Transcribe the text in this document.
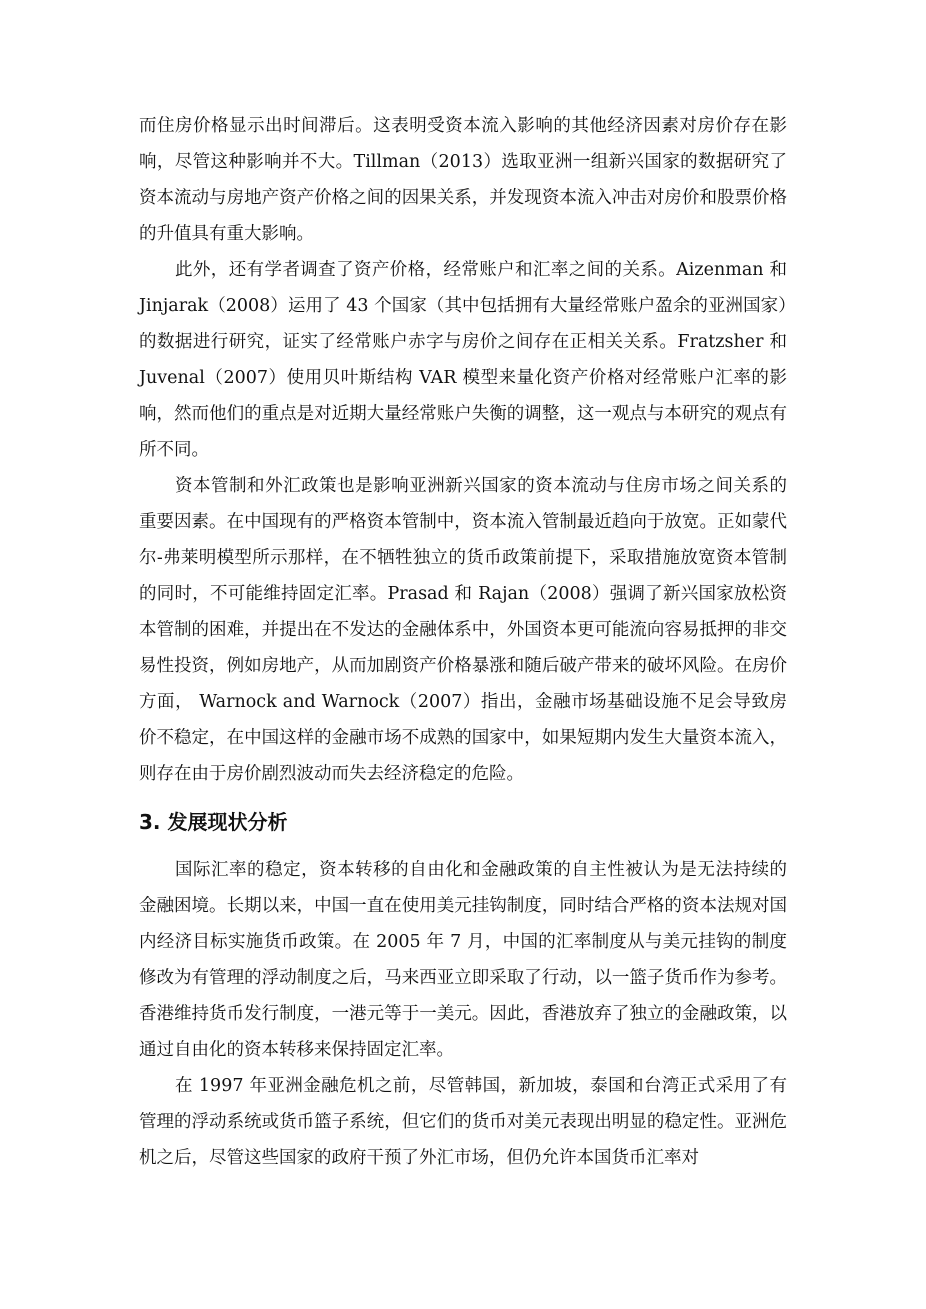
而住房价格显示出时间滞后。这表明受资本流入影响的其他经济因素对房价存在影响，尽管这种影响并不大。Tillman（2013）选取亚洲一组新兴国家的数据研究了资本流动与房地产资产价格之间的因果关系，并发现资本流入冲击对房价和股票价格的升值具有重大影响。

此外，还有学者调查了资产价格，经常账户和汇率之间的关系。Aizenman 和 Jinjarak（2008）运用了 43 个国家（其中包括拥有大量经常账户盈余的亚洲国家）的数据进行研究，证实了经常账户赤字与房价之间存在正相关关系。Fratzsher 和 Juvenal（2007）使用贝叶斯结构 VAR 模型来量化资产价格对经常账户汇率的影响，然而他们的重点是对近期大量经常账户失衡的调整，这一观点与本研究的观点有所不同。

资本管制和外汇政策也是影响亚洲新兴国家的资本流动与住房市场之间关系的重要因素。在中国现有的严格资本管制中，资本流入管制最近趋向于放宽。正如蒙代尔-弗莱明模型所示那样，在不牺牲独立的货币政策前提下，采取措施放宽资本管制的同时，不可能维持固定汇率。Prasad 和 Rajan（2008）强调了新兴国家放松资本管制的困难，并提出在不发达的金融体系中，外国资本更可能流向容易抵押的非交易性投资，例如房地产，从而加剧资产价格暴涨和随后破产带来的破坏风险。在房价方面， Warnock and Warnock（2007）指出，金融市场基础设施不足会导致房价不稳定，在中国这样的金融市场不成熟的国家中，如果短期内发生大量资本流入，则存在由于房价剧烈波动而失去经济稳定的危险。

3. 发展现状分析

国际汇率的稳定，资本转移的自由化和金融政策的自主性被认为是无法持续的金融困境。长期以来，中国一直在使用美元挂钩制度，同时结合严格的资本法规对国内经济目标实施货币政策。在 2005 年 7 月，中国的汇率制度从与美元挂钩的制度修改为有管理的浮动制度之后，马来西亚立即采取了行动，以一篮子货币作为参考。香港维持货币发行制度，一港元等于一美元。因此，香港放弃了独立的金融政策，以通过自由化的资本转移来保持固定汇率。

在 1997 年亚洲金融危机之前，尽管韩国，新加坡，泰国和台湾正式采用了有管理的浮动系统或货币篮子系统，但它们的货币对美元表现出明显的稳定性。亚洲危机之后，尽管这些国家的政府干预了外汇市场，但仍允许本国货币汇率对
